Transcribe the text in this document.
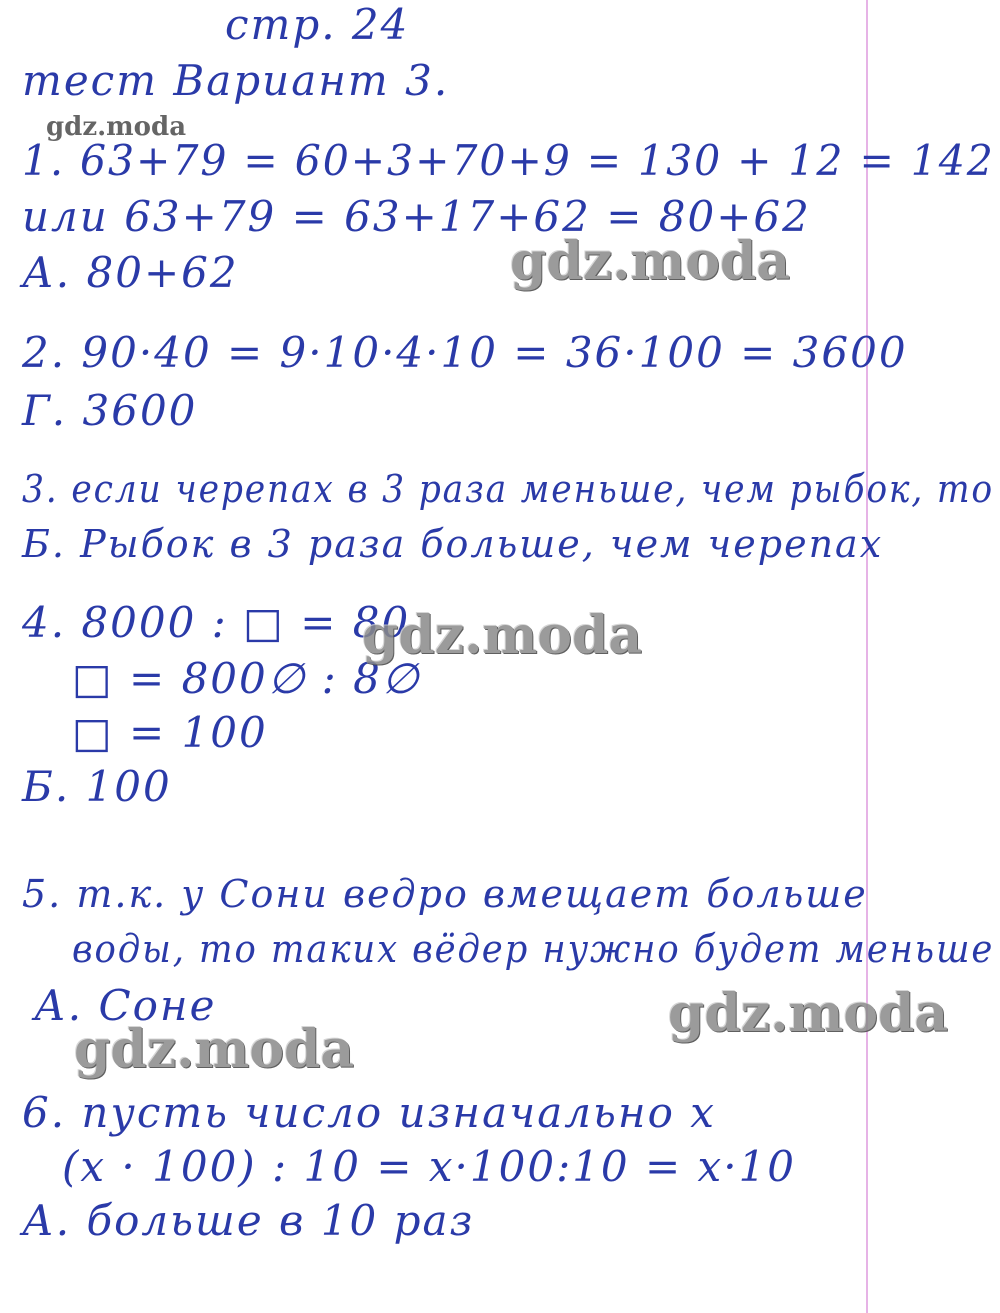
стр. 24
тест Вариант 3.
1. 63+79 = 60+3+70+9 = 130 + 12 = 142
или 63+79 = 63+17+62 = 80+62
А. 80+62
2. 90·40 = 9·10·4·10 = 36·100 = 3600
Г. 3600
3. если черепах в 3 раза меньше, чем рыбок, то
Б. Рыбок в 3 раза больше, чем черепах
4. 8000 : □ = 80
□ = 800∅ : 8∅
□ = 100
Б. 100
5. т.к. у Сони ведро вмещает больше
воды, то таких вёдер нужно будет меньше
А. Соне
6. пусть число изначально x
(x · 100) : 10 = x·100:10 = x·10
А. больше в 10 раз
gdz.moda
gdz.moda
gdz.moda
gdz.moda
gdz.moda
